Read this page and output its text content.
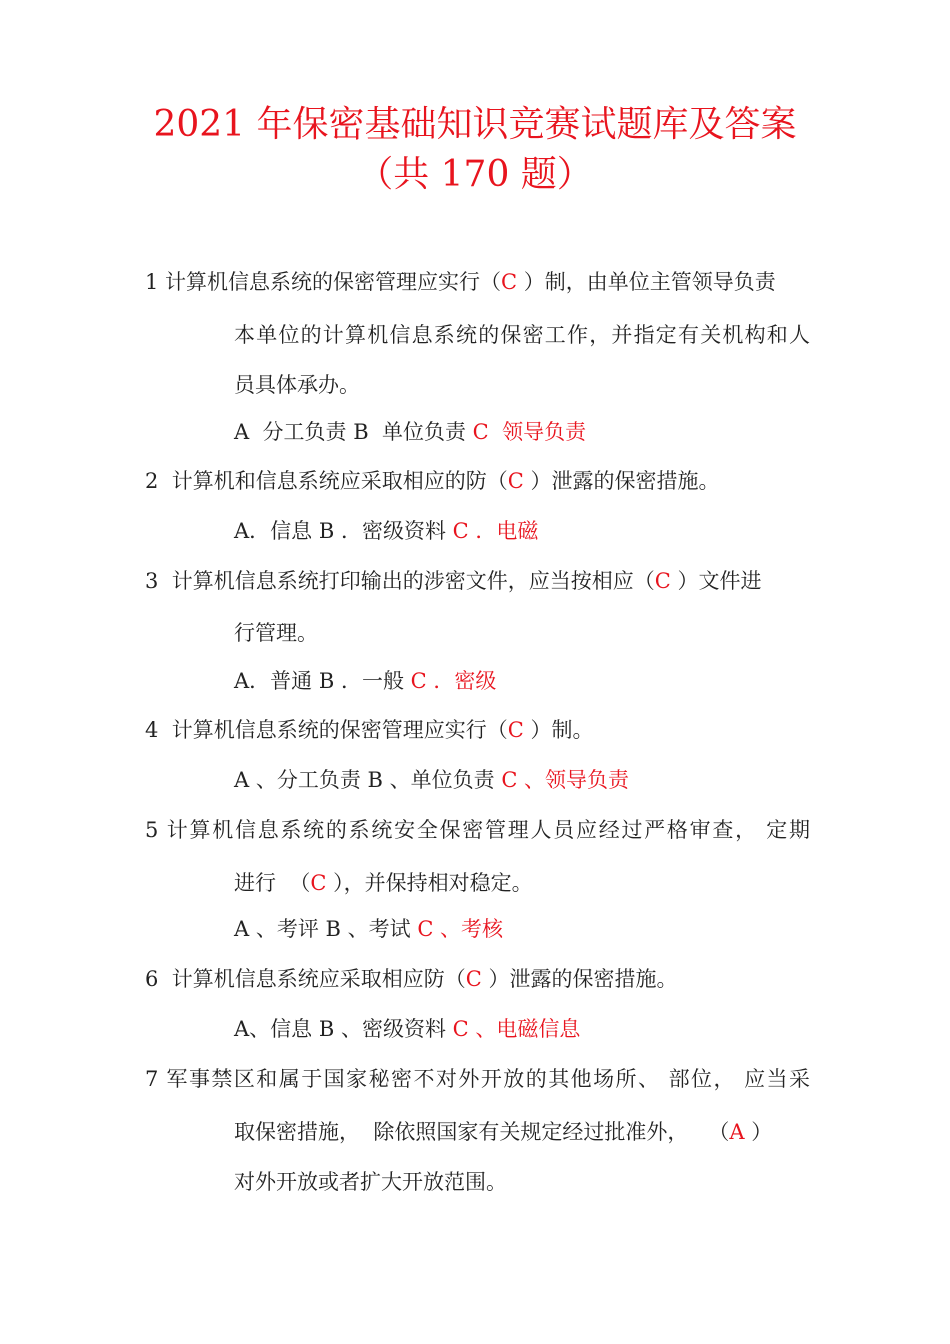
2021 年保密基础知识竞赛试题库及答案
（共 170 题）
1 计算机信息系统的保密管理应实行（C ）制，由单位主管领导负责
本单位的计算机信息系统的保密工作，并指定有关机构和人
员具体承办。
A  分工负责 B  单位负责 C  领导负责
2  计算机和信息系统应采取相应的防（C ）泄露的保密措施。
A．信息 B ．密级资料 C ．电磁
3  计算机信息系统打印输出的涉密文件，应当按相应（C ）文件进
行管理。
A．普通 B ．一般 C ．密级
4  计算机信息系统的保密管理应实行（C ）制。
A 、分工负责 B 、单位负责 C 、领导负责
5 计算机信息系统的系统安全保密管理人员应经过严格审查， 定期
进行  （C ），并保持相对稳定。
A 、考评 B 、考试 C 、考核
6  计算机信息系统应采取相应防（C ）泄露的保密措施。
A、信息 B 、密级资料 C 、电磁信息
7 军事禁区和属于国家秘密不对外开放的其他场所、 部位， 应当采
取保密措施，  除依照国家有关规定经过批准外，   （A ）
对外开放或者扩大开放范围。
